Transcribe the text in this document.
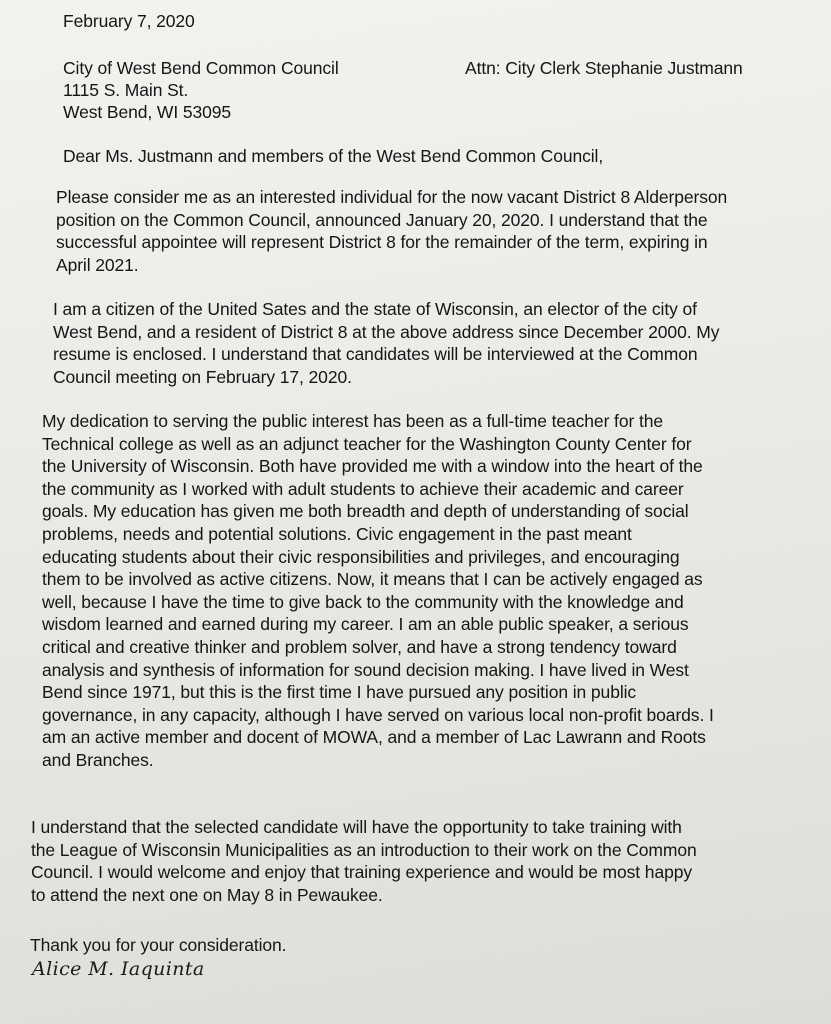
February 7, 2020
City of West Bend Common Council	Attn: City Clerk Stephanie Justmann
1115 S. Main St.
West Bend, WI 53095
Dear Ms. Justmann and members of the West Bend Common Council,
Please consider me as an interested individual for the now vacant District 8 Alderperson
position on the Common Council, announced January 20, 2020. I understand that the
successful appointee will represent District 8 for the remainder of the term, expiring in
April 2021.
I am a citizen of the United Sates and the state of Wisconsin, an elector of the city of
West Bend, and a resident of District 8 at the above address since December 2000. My
resume is enclosed. I understand that candidates will be interviewed at the Common
Council meeting on February 17, 2020.
My dedication to serving the public interest has been as a full-time teacher for the
Technical college as well as an adjunct teacher for the Washington County Center for
the University of Wisconsin. Both have provided me with a window into the heart of the
the community as I worked with adult students to achieve their academic and career
goals. My education has given me both breadth and depth of understanding of social
problems, needs and potential solutions. Civic engagement in the past meant
educating students about their civic responsibilities and privileges, and encouraging
them to be involved as active citizens. Now, it means that I can be actively engaged as
well, because I have the time to give back to the community with the knowledge and
wisdom learned and earned during my career. I am an able public speaker, a serious
critical and creative thinker and problem solver, and have a strong tendency toward
analysis and synthesis of information for sound decision making. I have lived in West
Bend since 1971, but this is the first time I have pursued any position in public
governance, in any capacity, although I have served on various local non-profit boards. I
am an active member and docent of MOWA, and a member of Lac Lawrann and Roots
and Branches.
I understand that the selected candidate will have the opportunity to take training with
the League of Wisconsin Municipalities as an introduction to their work on the Common
Council. I would welcome and enjoy that training experience and would be most happy
to attend the next one on May 8 in Pewaukee.
Thank you for your consideration.
Alice M. Iaquinta
